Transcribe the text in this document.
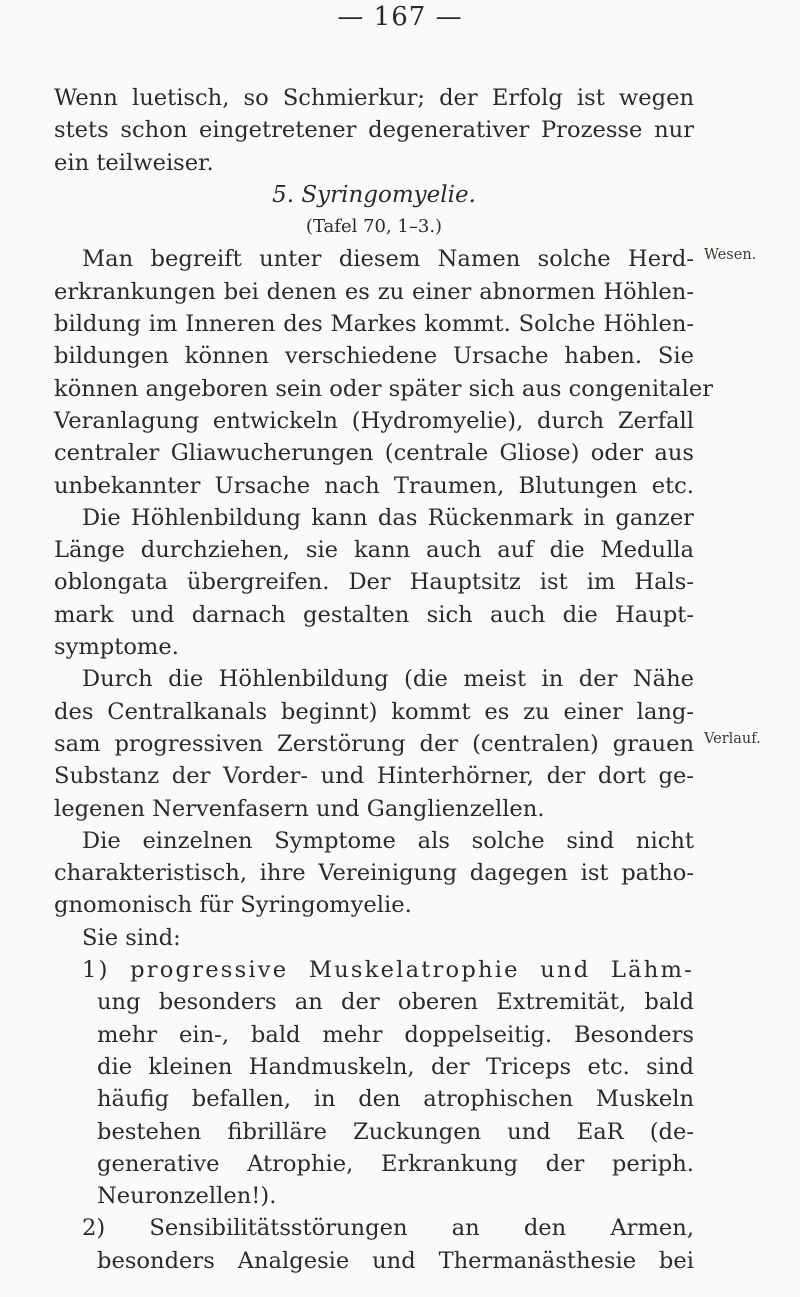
— 167 —
Wenn luetisch, so Schmierkur; der Erfolg ist wegen
stets schon eingetretener degenerativer Prozesse nur
ein teilweiser.
5. Syringomyelie.
(Tafel 70, 1–3.)
Man begreift unter diesem Namen solche Herd-
erkrankungen bei denen es zu einer abnormen Höhlen-
bildung im Inneren des Markes kommt. Solche Höhlen-
bildungen können verschiedene Ursache haben. Sie
können angeboren sein oder später sich aus congenitaler
Veranlagung entwickeln (Hydromyelie), durch Zerfall
centraler Gliawucherungen (centrale Gliose) oder aus
unbekannter Ursache nach Traumen, Blutungen etc.
Die Höhlenbildung kann das Rückenmark in ganzer
Länge durchziehen, sie kann auch auf die Medulla
oblongata übergreifen. Der Hauptsitz ist im Hals-
mark und darnach gestalten sich auch die Haupt-
symptome.
Durch die Höhlenbildung (die meist in der Nähe
des Centralkanals beginnt) kommt es zu einer lang-
sam progressiven Zerstörung der (centralen) grauen
Substanz der Vorder- und Hinterhörner, der dort ge-
legenen Nervenfasern und Ganglienzellen.
Die einzelnen Symptome als solche sind nicht
charakteristisch, ihre Vereinigung dagegen ist patho-
gnomonisch für Syringomyelie.
Sie sind:
1) progressive Muskelatrophie und Lähm-
ung besonders an der oberen Extremität, bald
mehr ein-, bald mehr doppelseitig. Besonders
die kleinen Handmuskeln, der Triceps etc. sind
häufig befallen, in den atrophischen Muskeln
bestehen fibrilläre Zuckungen und EaR (de-
generative Atrophie, Erkrankung der periph.
Neuronzellen!).
2) Sensibilitätsstörungen an den Armen,
besonders Analgesie und Thermanästhesie bei
Wesen.
Verlauf.
